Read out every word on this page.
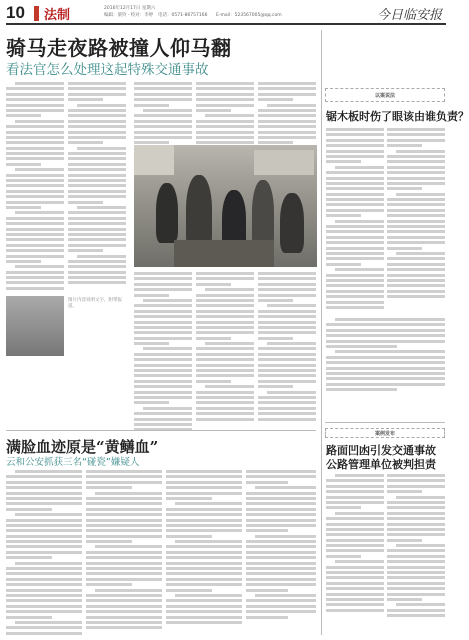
10 法制	2016年12月17日 星期六
编辑：梁铃 · 校对：李婷 电话：0571-86757166 E-mail：523567005@qq.com	今日临安报
骑马走夜路被撞人仰马翻
看法官怎么处理这起特殊交通事故
图片内容说明文字，附带报道。
满脸血迹原是“黄鳝血”
云和公安抓获三名“碰瓷”嫌疑人
以案说法
锯木板时伤了眼该由谁负责？
案例发布
路面凹凼引发交通事故
公路管理单位被判担责
